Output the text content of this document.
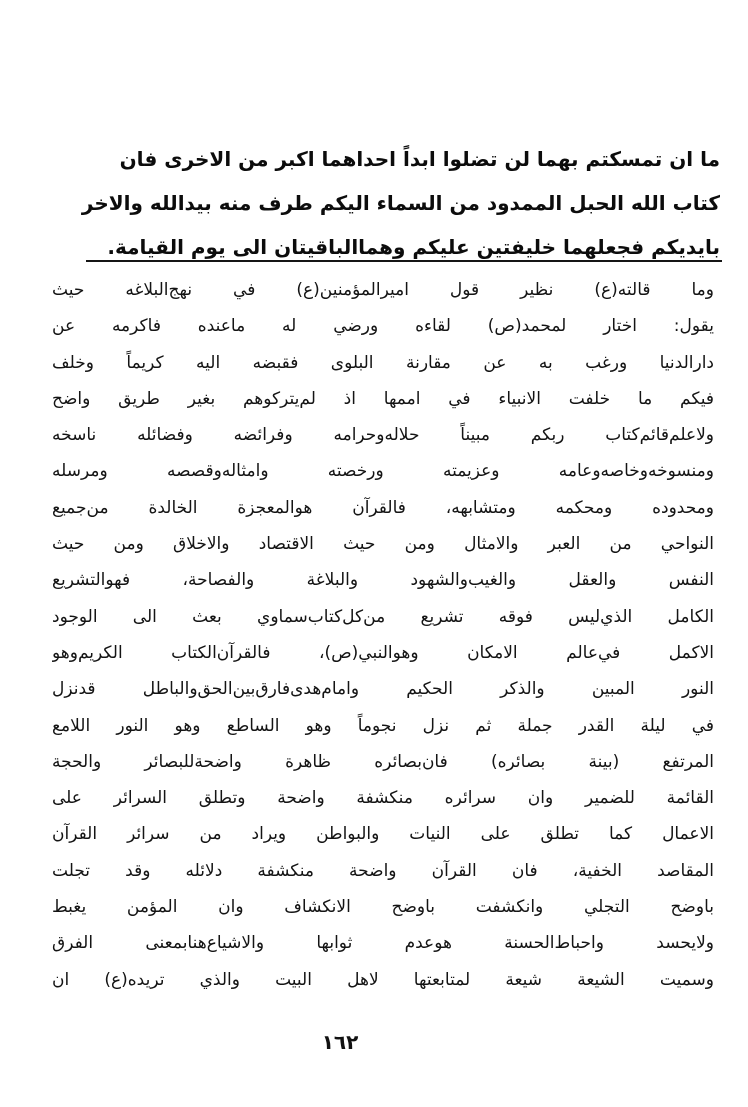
ما ان تمسكتم بهما لن تضلوا ابداً احداهما اكبر من الاخرى فان
كتاب الله الحبل الممدود من السماء اليكم طرف منه بيدالله والاخر
بايديكم فجعلهما خليفتين عليكم وهماالباقيتان الى يوم القيامة.
وما قالته(ع) نظير قول اميرالمؤمنين(ع) في نهج‌البلاغه حيث
يقول: اختار لمحمد(ص) لقاءه ورضي له ماعنده فاكرمه عن
دارالدنيا ورغب به عن مقارنة البلوى فقبضه اليه كريماً وخلف
فيكم ما خلفت الانبياء في اممها اذ لم‌يتركوهم بغير طريق واضح
ولاعلم‌قائم‌كتاب ربكم مبيناً حلاله‌وحرامه وفرائضه وفضائله ناسخه
ومنسوخه‌وخاصه‌وعامه وعزيمته ورخصته وامثاله‌وقصصه ومرسله
ومحدوده ومحكمه ومتشابهه، فالقرآن هوالمعجزة الخالدة من‌جميع
النواحي من العبر والامثال ومن حيث الاقتصاد والاخلاق ومن حيث
النفس والعقل والغيب‌والشهود والبلاغة والفصاحة، فهوالتشريع
الكامل الذي‌ليس فوقه تشريع من‌كل‌كتاب‌سماوي بعث الى الوجود
الاكمل في‌عالم الامكان وهوالنبي(ص)، فالقرآن‌الكتاب الكريم‌وهو
النور المبين والذكر الحكيم وامام‌هدى‌فارق‌بين‌الحق‌والباطل قدنزل
في ليلة القدر جملة ثم نزل نجوماً وهو الساطع وهو النور اللامع
المرتفع (بينة بصائره) فان‌بصائره ظاهرة واضحة‌للبصائر والحجة
القائمة للضمير وان سرائره منكشفة واضحة وتطلق السرائر على
الاعمال كما تطلق على النيات والبواطن ويراد من سرائر القرآن
المقاصد الخفية، فان القرآن واضحة منكشفة دلائله وقد تجلت
باوضح التجلي وانكشفت باوضح الانكشاف وان المؤمن يغبط
ولايحسد واحباط‌الحسنة هوعدم ثوابها والاشياع‌هنا‌بمعنى الفرق
وسميت الشيعة شيعة لمتابعتها لاهل البيت والذي تريده(ع) ان
١٦٢
